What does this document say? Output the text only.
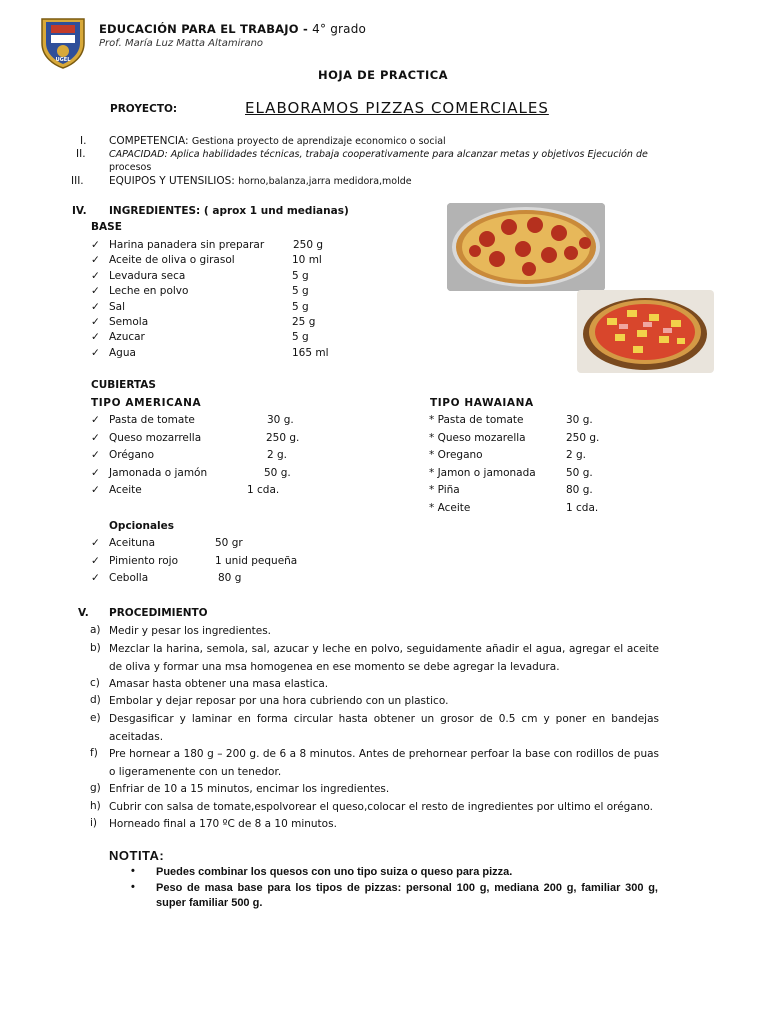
UGEL
EDUCACIÓN PARA EL TRABAJO - 4° grado
Prof. María Luz Matta Altamirano
HOJA DE PRACTICA
PROYECTO:	ELABORAMOS PIZZAS COMERCIALES
I. COMPETENCIA: Gestiona proyecto de aprendizaje economico o social
II. CAPACIDAD: Aplica habilidades técnicas, trabaja cooperativamente para alcanzar metas y objetivos Ejecución de
procesos
III. EQUIPOS Y UTENSILIOS: horno,balanza,jarra medidora,molde
IV. INGREDIENTES: ( aprox 1 und medianas)
BASE
✓ Harina panadera sin preparar	250 g
✓ Aceite de oliva o girasol	10 ml
✓ Levadura seca	5 g
✓ Leche en polvo	5 g
✓ Sal	5 g
✓ Semola	25 g
✓ Azucar	5 g
✓ Agua	165 ml
CUBIERTAS
TIPO AMERICANA	TIPO HAWAIANA
✓ Pasta de tomate	30 g.
✓ Queso mozarrella	250 g.
✓ Orégano	2 g.
✓ Jamonada o jamón	50 g.
✓ Aceite	1 cda.
* Pasta de tomate	30 g.
* Queso mozarella	250 g.
* Oregano	2 g.
* Jamon o jamonada	50 g.
* Piña	80 g.
* Aceite	1 cda.
Opcionales
✓ Aceituna	50 gr
✓ Pimiento rojo	1 unid pequeña
✓ Cebolla	80 g
V. PROCEDIMIENTO
a) Medir y pesar los ingredientes.
b) Mezclar la harina, semola, sal, azucar y leche en polvo, seguidamente añadir el agua, agregar el aceite de oliva y formar una msa homogenea en ese momento se debe agregar la levadura.
c) Amasar hasta obtener una masa elastica.
d) Embolar y dejar reposar por una hora cubriendo con un plastico.
e) Desgasificar y laminar en forma circular hasta obtener un grosor de 0.5 cm y poner en bandejas aceitadas.
f) Pre hornear a 180 g – 200 g. de 6 a 8 minutos. Antes de prehornear perfoar la base con rodillos de puas o ligeramenente con un tenedor.
g) Enfriar de 10 a 15 minutos, encimar los ingredientes.
h) Cubrir con salsa de tomate,espolvorear el queso,colocar el resto de ingredientes por ultimo el orégano.
i) Horneado final a 170 ºC de 8 a 10 minutos.
NOTITA:
• Puedes combinar los quesos con uno tipo suiza o queso para pizza.
• Peso de masa base para los tipos de pizzas: personal 100 g, mediana 200 g, familiar 300 g, super familiar 500 g.
